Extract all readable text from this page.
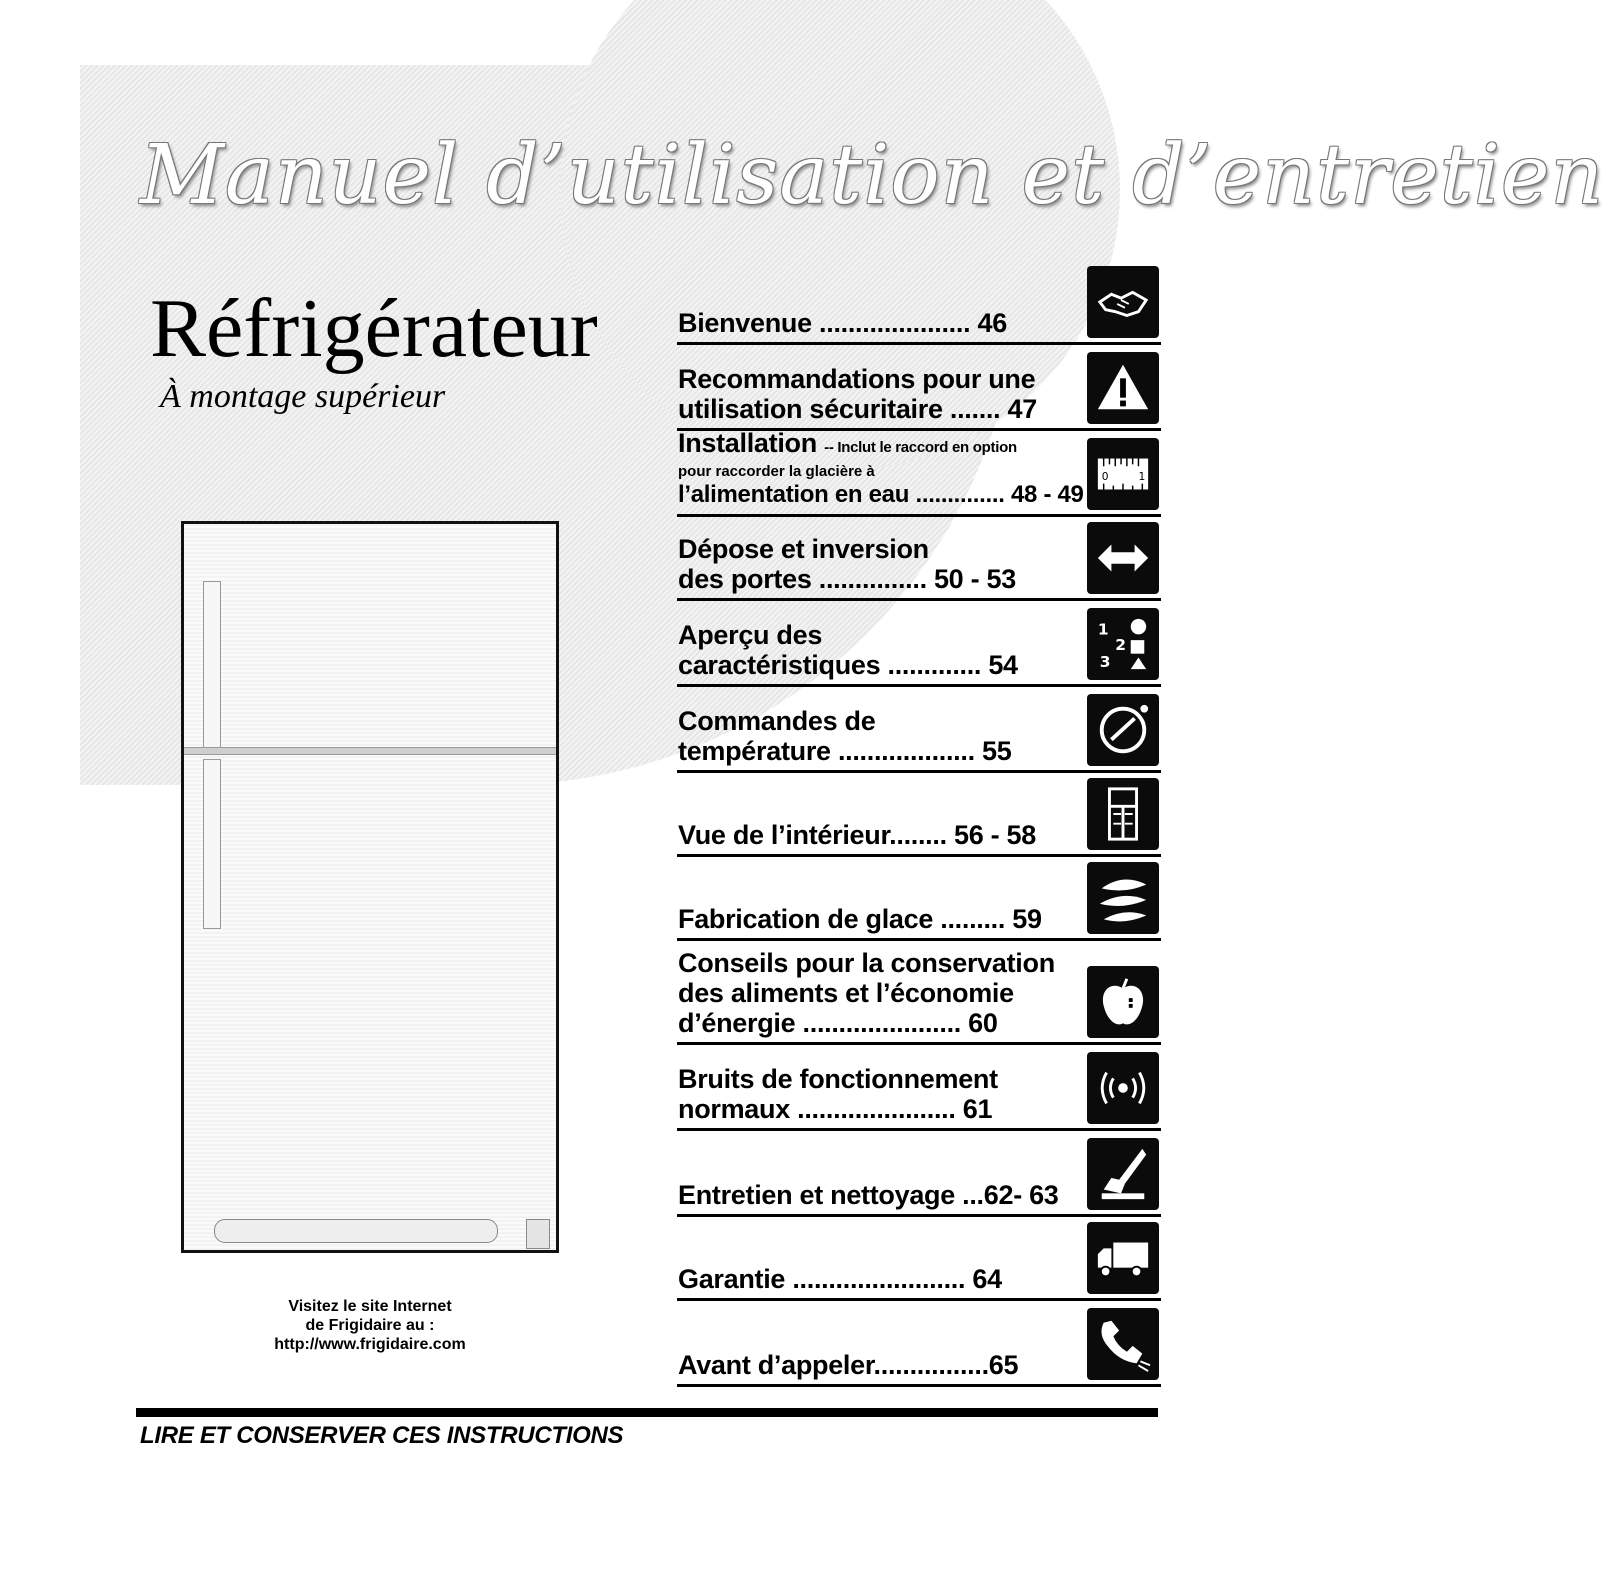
Manuel d’utilisation et d’entretien
Réfrigérateur
À montage supérieur
Visitez le site Internet
de Frigidaire au :
http://www.frigidaire.com
Bienvenue ..................... 46
Recommandations pour une
utilisation sécuritaire ....... 47
Installation -- Inclut le raccord en option
pour raccorder la glacière à
l’alimentation en eau .............. 48 - 49
0	1
Dépose et inversion
des portes ............... 50 - 53
Aperçu des
caractéristiques ............. 54
1
2
3
Commandes de
température ................... 55
Vue de l’intérieur........ 56 - 58
Fabrication de glace ......... 59
Conseils pour la conservation
des aliments et l’économie
d’énergie ...................... 60
Bruits de fonctionnement
normaux ...................... 61
Entretien et nettoyage ...62- 63
Garantie ........................ 64
Avant d’appeler................65
LIRE ET CONSERVER CES INSTRUCTIONS
